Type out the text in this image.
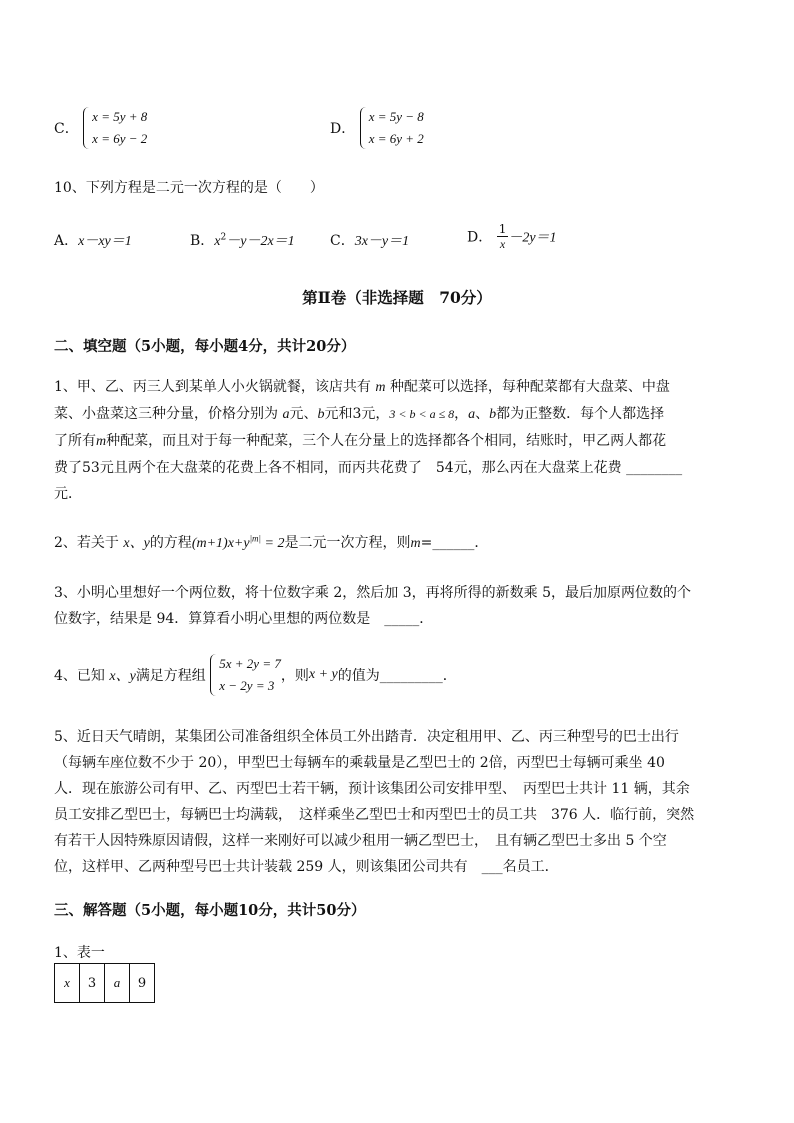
C．
x = 5y + 8
x = 6y − 2
D．
x = 5y − 8
x = 6y + 2
10、下列方程是二元一次方程的是（　　）
A．x－xy＝1	B．$x^2-y-2x=1$	C．3x－y＝1	D． $\frac{1}{x} -2y=1$
第Ⅱ卷（非选择题　70分）
二、填空题（5小题，每小题4分，共计20分）
1、甲、乙、丙三人到某单人小火锅就餐，该店共有 m 种配菜可以选择，每种配菜都有大盘菜、中盘
菜、小盘菜这三种分量，价格分别为 a元、b元和3元，3 < b < a ≤ 8，a、b都为正整数．每个人都选择
了所有m种配菜，而且对于每一种配菜，三个人在分量上的选择都各个相同，结账时，甲乙两人都花
费了53元且两个在大盘菜的花费上各不相同，而丙共花费了　54元，那么丙在大盘菜上花费 ________
元．
2、若关于 x、y的方程$(m+1)x+y^{|m|} = 2$是二元一次方程，则m=______．
3、小明心里想好一个两位数，将十位数字乘 2，然后加 3，再将所得的新数乘 5，最后加原两位数的个
位数字，结果是 94．算算看小明心里想的两位数是　_____．
4、已知 x、y满足方程组
5x + 2y = 7
x − 2y = 3
，则x + y的值为_________．
5、近日天气晴朗，某集团公司准备组织全体员工外出踏青．决定租用甲、乙、丙三种型号的巴士出行
（每辆车座位数不少于 20），甲型巴士每辆车的乘载量是乙型巴士的 2倍，丙型巴士每辆可乘坐 40
人．现在旅游公司有甲、乙、丙型巴士若干辆，预计该集团公司安排甲型、　丙型巴士共计 11 辆，其余
员工安排乙型巴士，每辆巴士均满载，　这样乘坐乙型巴士和丙型巴士的员工共　376 人．临行前，突然
有若干人因特殊原因请假，这样一来刚好可以减少租用一辆乙型巴士，　且有辆乙型巴士多出 5 个空
位，这样甲、乙两种型号巴士共计装载 259 人，则该集团公司共有　___名员工．
三、解答题（5小题，每小题10分，共计50分）
1、表一
x	3	a	9
